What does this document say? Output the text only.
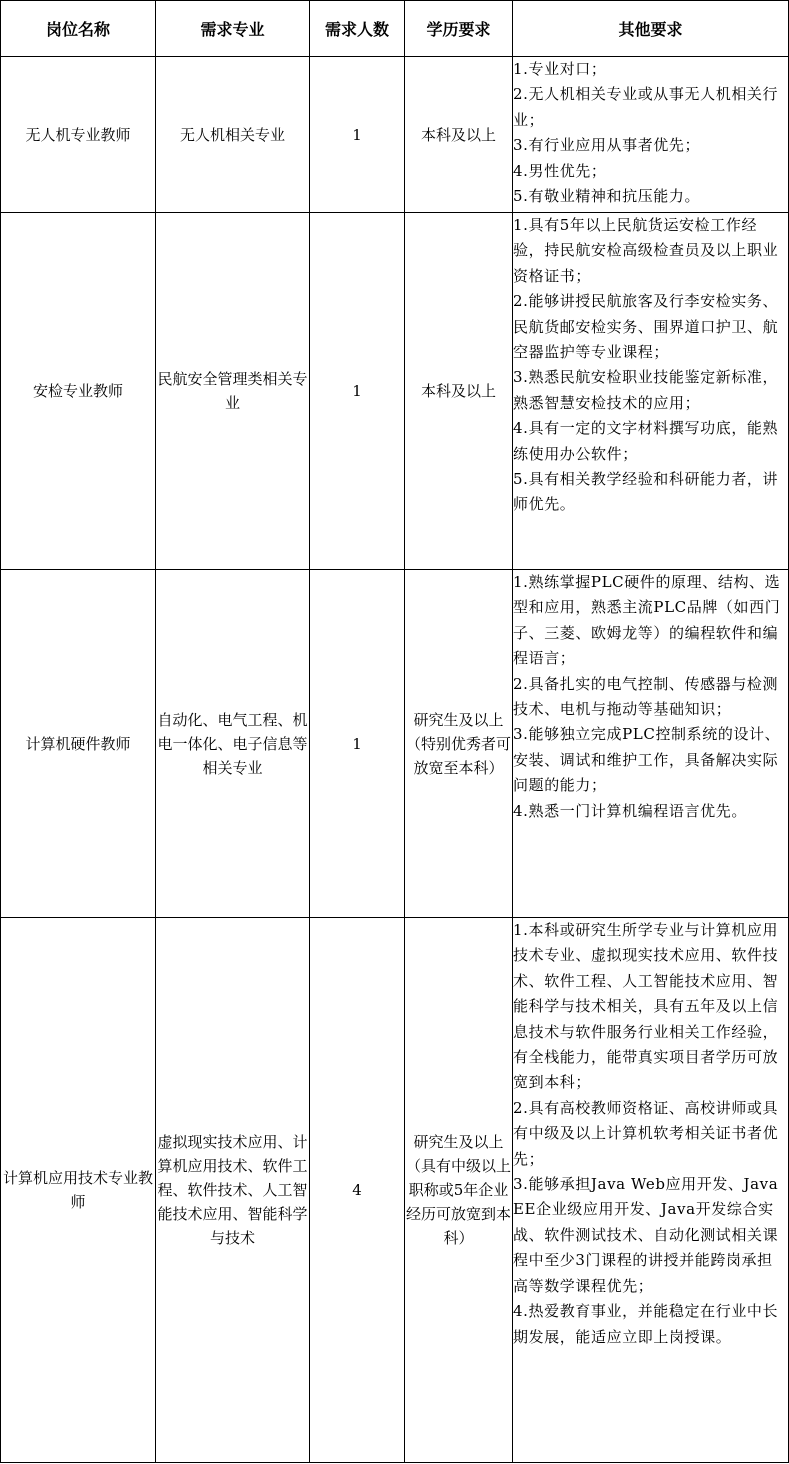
岗位名称	需求专业	需求人数	学历要求	其他要求
无人机专业教师	无人机相关专业	1	本科及以上	1.专业对口；
2.无人机相关专业或从事无人机相关行业；
3.有行业应用从事者优先；
4.男性优先；
5.有敬业精神和抗压能力。

安检专业教师	民航安全管理类相关专业	1	本科及以上	1.具有5年以上民航货运安检工作经验，持民航安检高级检查员及以上职业资格证书；
2.能够讲授民航旅客及行李安检实务、民航货邮安检实务、围界道口护卫、航空器监护等专业课程；
3.熟悉民航安检职业技能鉴定新标准，熟悉智慧安检技术的应用；
4.具有一定的文字材料撰写功底，能熟练使用办公软件；
5.具有相关教学经验和科研能力者，讲师优先。

计算机硬件教师	自动化、电气工程、机电一体化、电子信息等相关专业	1	研究生及以上（特别优秀者可放宽至本科）	1.熟练掌握PLC硬件的原理、结构、选型和应用，熟悉主流PLC品牌（如西门子、三菱、欧姆龙等）的编程软件和编程语言；
2.具备扎实的电气控制、传感器与检测技术、电机与拖动等基础知识；
3.能够独立完成PLC控制系统的设计、安装、调试和维护工作，具备解决实际问题的能力；
4.熟悉一门计算机编程语言优先。

计算机应用技术专业教师	虚拟现实技术应用、计算机应用技术、软件工程、软件技术、人工智能技术应用、智能科学与技术	4	研究生及以上（具有中级以上职称或5年企业经历可放宽到本科）	1.本科或研究生所学专业与计算机应用技术专业、虚拟现实技术应用、软件技术、软件工程、人工智能技术应用、智能科学与技术相关，具有五年及以上信息技术与软件服务行业相关工作经验，有全栈能力，能带真实项目者学历可放宽到本科；
2.具有高校教师资格证、高校讲师或具有中级及以上计算机软考相关证书者优先；
3.能够承担Java Web应用开发、Java EE企业级应用开发、Java开发综合实战、软件测试技术、自动化测试相关课程中至少3门课程的讲授并能跨岗承担高等数学课程优先；
4.热爱教育事业，并能稳定在行业中长期发展，能适应立即上岗授课。
